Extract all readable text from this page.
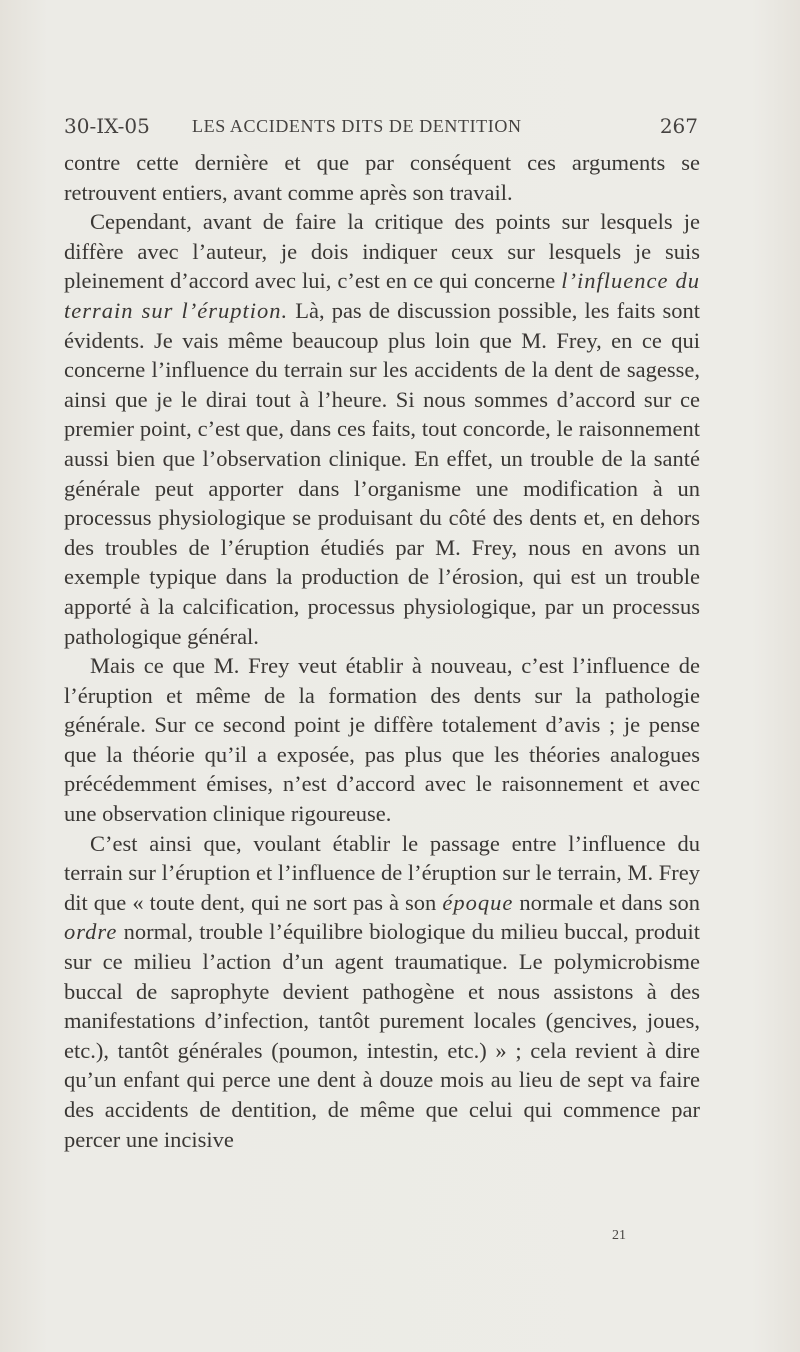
30-IX-05 LES ACCIDENTS DITS DE DENTITION	267

contre cette dernière et que par conséquent ces arguments se retrouvent entiers, avant comme après son travail.

Cependant, avant de faire la critique des points sur lesquels je diffère avec l’auteur, je dois indiquer ceux sur lesquels je suis pleinement d’accord avec lui, c’est en ce qui concerne l’influence du terrain sur l’éruption. Là, pas de discussion possible, les faits sont évidents. Je vais même beaucoup plus loin que M. Frey, en ce qui concerne l’influence du terrain sur les accidents de la dent de sagesse, ainsi que je le dirai tout à l’heure. Si nous sommes d’accord sur ce premier point, c’est que, dans ces faits, tout concorde, le raisonnement aussi bien que l’observation clinique. En effet, un trouble de la santé générale peut apporter dans l’organisme une modification à un processus physiologique se produisant du côté des dents et, en dehors des troubles de l’éruption étudiés par M. Frey, nous en avons un exemple typique dans la production de l’érosion, qui est un trouble apporté à la calcification, processus physiologique, par un processus pathologique général.

Mais ce que M. Frey veut établir à nouveau, c’est l’influence de l’éruption et même de la formation des dents sur la pathologie générale. Sur ce second point je diffère totalement d’avis ; je pense que la théorie qu’il a exposée, pas plus que les théories analogues précédemment émises, n’est d’accord avec le raisonnement et avec une observation clinique rigoureuse.

C’est ainsi que, voulant établir le passage entre l’influence du terrain sur l’éruption et l’influence de l’éruption sur le terrain, M. Frey dit que « toute dent, qui ne sort pas à son époque normale et dans son ordre normal, trouble l’équilibre biologique du milieu buccal, produit sur ce milieu l’action d’un agent traumatique. Le polymicrobisme buccal de saprophyte devient pathogène et nous assistons à des manifestations d’infection, tantôt purement locales (gencives, joues, etc.), tantôt générales (poumon, intestin, etc.) » ; cela revient à dire qu’un enfant qui perce une dent à douze mois au lieu de sept va faire des accidents de dentition, de même que celui qui commence par percer une incisive

21
